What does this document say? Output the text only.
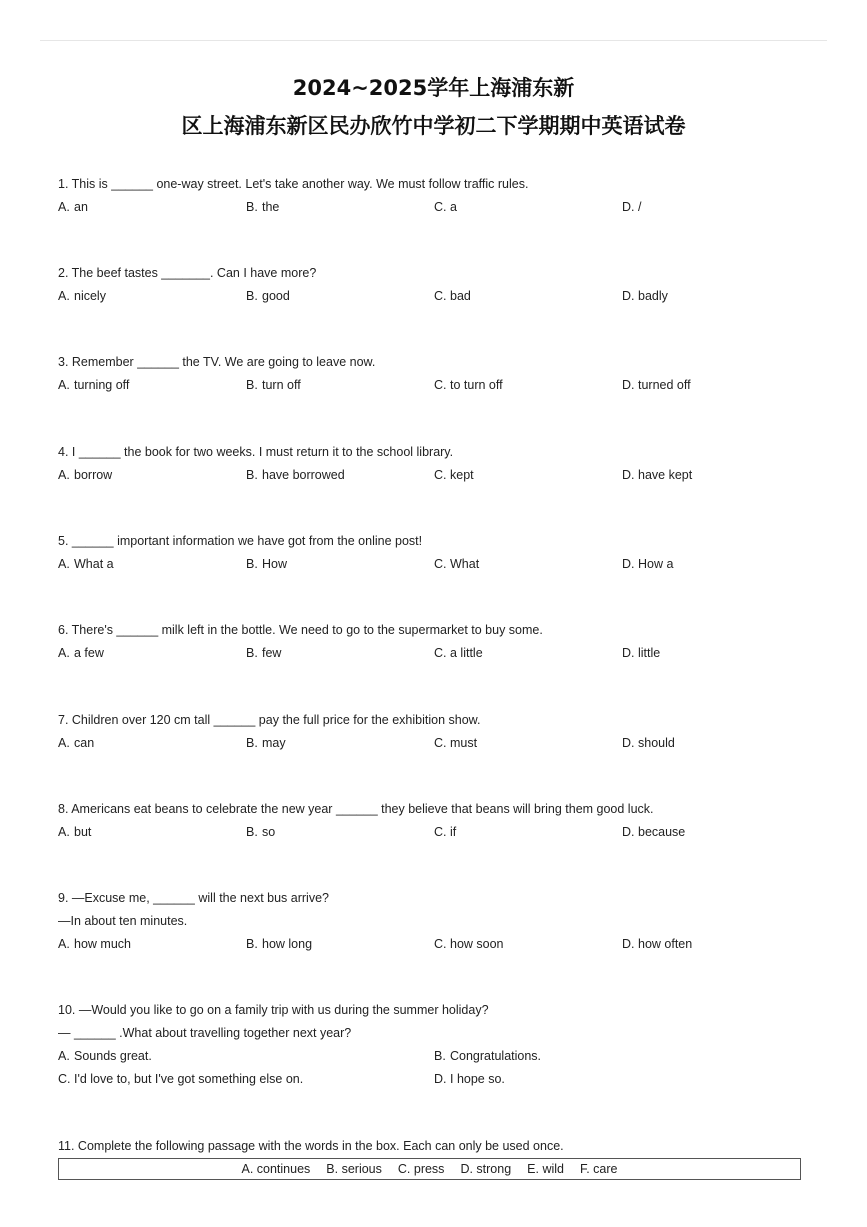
2024~2025学年上海浦东新
区上海浦东新区民办欣竹中学初二下学期期中英语试卷
1. This is ______ one-way street. Let's take another way. We must follow traffic rules.
A. an	B. the	C. a	D. /
2. The beef tastes _______. Can I have more?
A. nicely	B. good	C. bad	D. badly
3. Remember ______ the TV. We are going to leave now.
A. turning off	B. turn off	C. to turn off	D. turned off
4. I ______ the book for two weeks. I must return it to the school library.
A. borrow	B. have borrowed	C. kept	D. have kept
5. ______ important information we have got from the online post!
A. What a	B. How	C. What	D. How a
6. There's ______ milk left in the bottle. We need to go to the supermarket to buy some.
A. a few	B. few	C. a little	D. little
7. Children over 120 cm tall ______ pay the full price for the exhibition show.
A. can	B. may	C. must	D. should
8. Americans eat beans to celebrate the new year ______ they believe that beans will bring them good luck.
A. but	B. so	C. if	D. because
9. —Excuse me, ______ will the next bus arrive?
—In about ten minutes.
A. how much	B. how long	C. how soon	D. how often
10. —Would you like to go on a family trip with us during the summer holiday?
— ______ .What about travelling together next year?
A. Sounds great.	B. Congratulations.
C. I'd love to, but I've got something else on.	D. I hope so.
11. Complete the following passage with the words in the box. Each can only be used once.
A. continues B. serious C. press D. strong E. wild F. care
